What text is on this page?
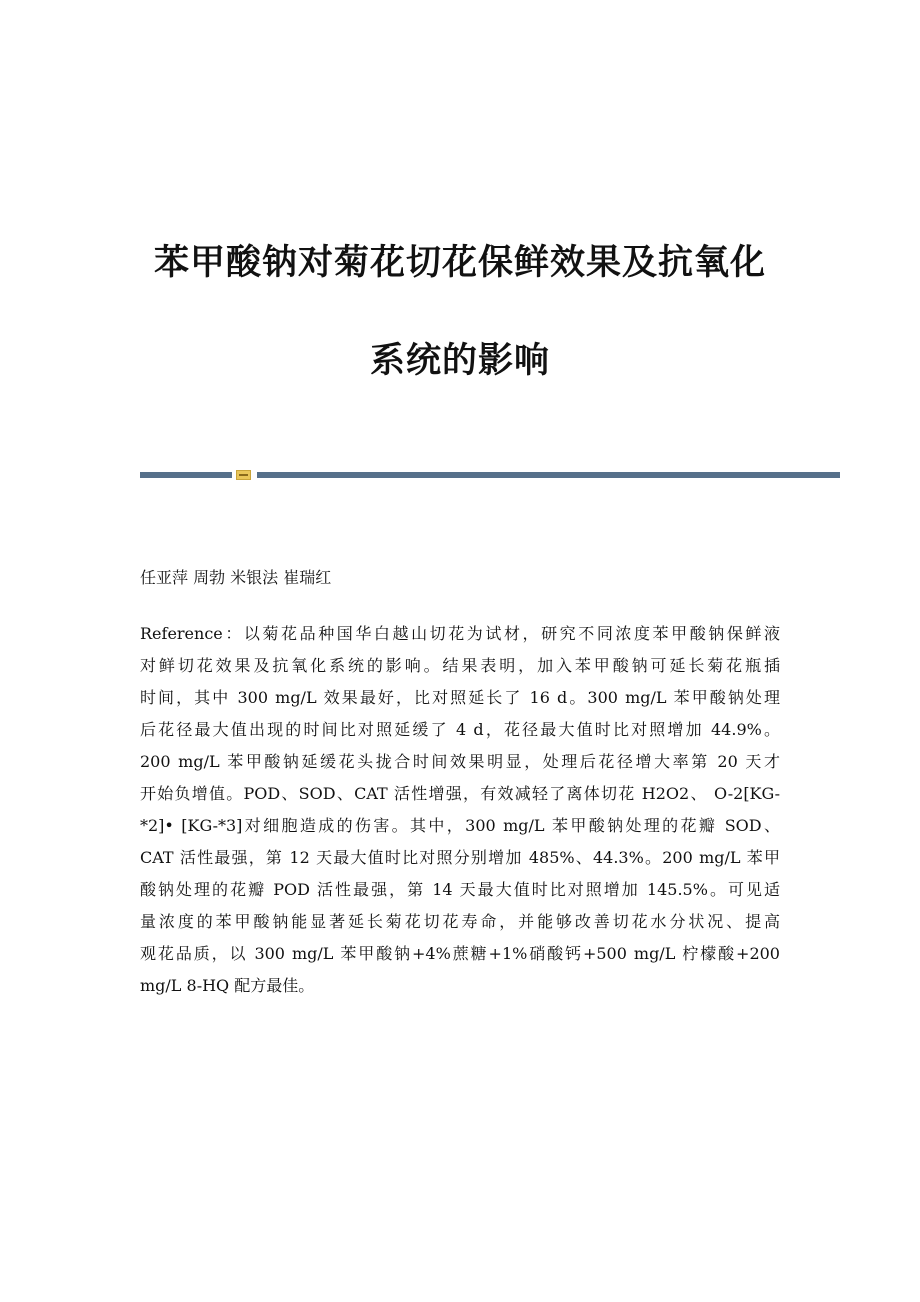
苯甲酸钠对菊花切花保鲜效果及抗氧化
系统的影响
任亚萍 周勃 米银法 崔瑞红
Reference：以菊花品种国华白越山切花为试材，研究不同浓度苯甲酸钠保鲜液
对鲜切花效果及抗氧化系统的影响。结果表明，加入苯甲酸钠可延长菊花瓶插
时间，其中 300 mg/L 效果最好，比对照延长了 16 d。300 mg/L 苯甲酸钠处理
后花径最大值出现的时间比对照延缓了 4 d，花径最大值时比对照增加 44.9%。
200 mg/L 苯甲酸钠延缓花头拢合时间效果明显，处理后花径增大率第 20 天才
开始负增值。POD、SOD、CAT 活性增强，有效减轻了离体切花 H2O2、 O-2[KG-
*2]• [KG-*3]对细胞造成的伤害。其中，300 mg/L 苯甲酸钠处理的花瓣 SOD、
CAT 活性最强，第 12 天最大值时比对照分别增加 485%、44.3%。200 mg/L 苯甲
酸钠处理的花瓣 POD 活性最强，第 14 天最大值时比对照增加 145.5%。可见适
量浓度的苯甲酸钠能显著延长菊花切花寿命，并能够改善切花水分状况、提高
观花品质，以 300 mg/L 苯甲酸钠+4%蔗糖+1%硝酸钙+500 mg/L 柠檬酸+200
mg/L 8-HQ 配方最佳。
